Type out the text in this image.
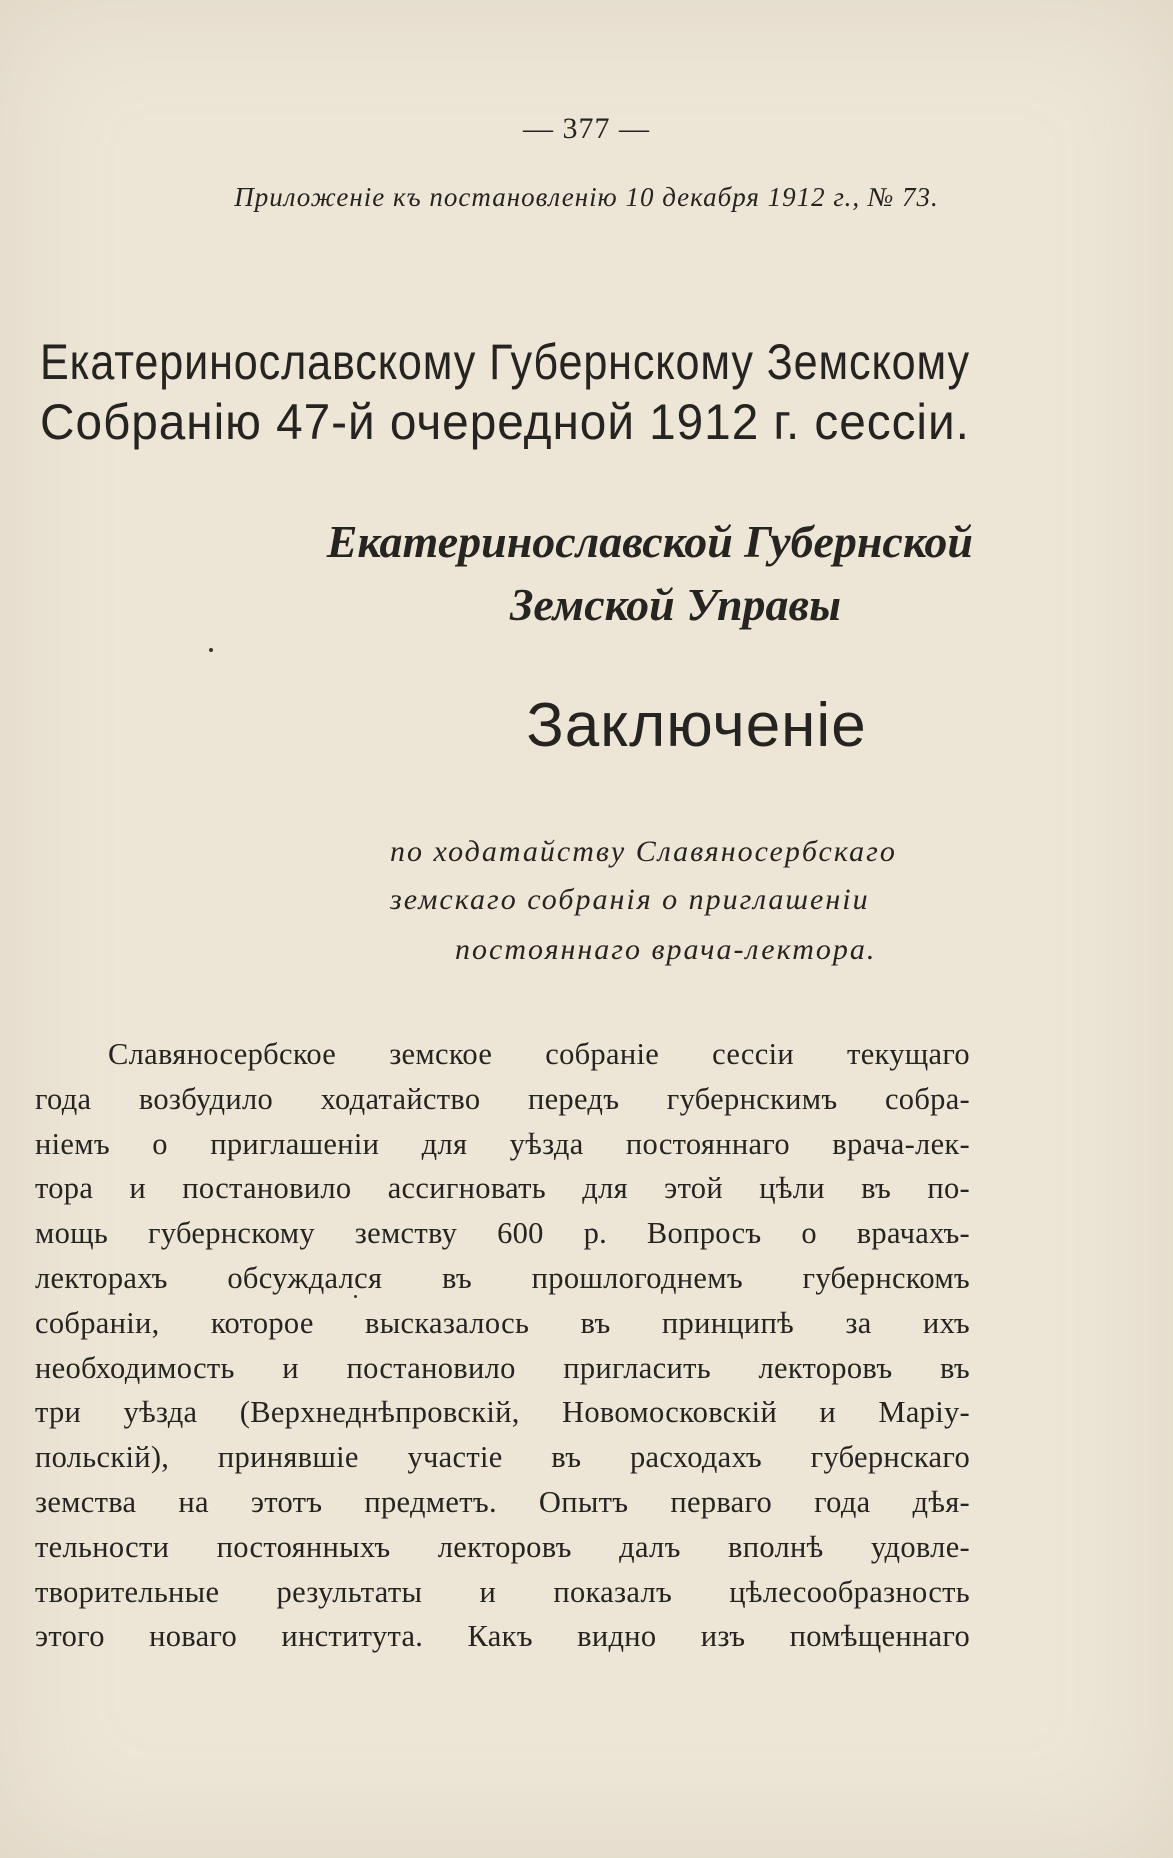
— 377 —
Приложеніе къ постановленію 10 декабря 1912 г., № 73.
Екатеринославскому Губернскому Земскому
Собранію 47-й очередной 1912 г. сессіи.
Екатеринославской Губернской
Земской Управы
Заключеніе
по ходатайству Славяносербскаго
земскаго собранія о приглашеніи
постояннаго врача-лектора.
Славяносербское земское собраніе сессіи текущаго
года возбудило ходатайство передъ губернскимъ собра-
ніемъ о приглашеніи для уѣзда постояннаго врача-лек-
тора и постановило ассигновать для этой цѣли въ по-
мощь губернскому земству 600 р. Вопросъ о врачахъ-
лекторахъ обсуждался въ прошлогоднемъ губернскомъ
собраніи, которое высказалось въ принципѣ за ихъ
необходимость и постановило пригласить лекторовъ въ
три уѣзда (Верхнеднѣпровскій, Новомосковскій и Маріу-
польскій), принявшіе участіе въ расходахъ губернскаго
земства на этотъ предметъ. Опытъ перваго года дѣя-
тельности постоянныхъ лекторовъ далъ вполнѣ удовле-
творительные результаты и показалъ цѣлесообразность
этого новаго института. Какъ видно изъ помѣщеннаго
